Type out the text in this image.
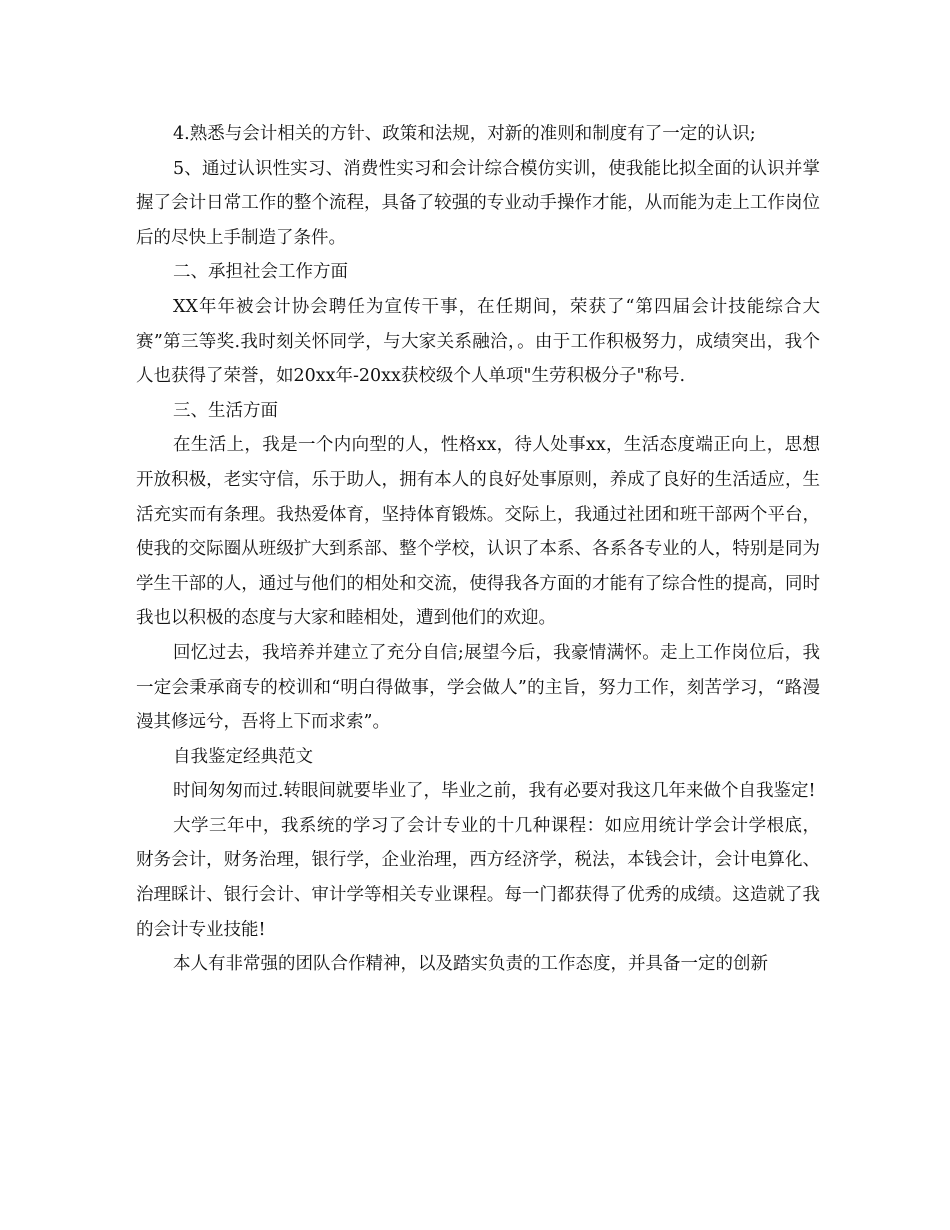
4.熟悉与会计相关的方针、政策和法规，对新的准则和制度有了一定的认识;

5、通过认识性实习、消费性实习和会计综合模仿实训，使我能比拟全面的认识并掌握了会计日常工作的整个流程，具备了较强的专业动手操作才能，从而能为走上工作岗位后的尽快上手制造了条件。

二、承担社会工作方面

XX年年被会计协会聘任为宣传干事，在任期间，荣获了“第四届会计技能综合大赛”第三等奖.我时刻关怀同学，与大家关系融洽，。由于工作积极努力，成绩突出，我个人也获得了荣誉，如20xx年-20xx获校级个人单项"生劳积极分子"称号.

三、生活方面

在生活上，我是一个内向型的人，性格xx，待人处事xx，生活态度端正向上，思想开放积极，老实守信，乐于助人，拥有本人的良好处事原则，养成了良好的生活适应，生活充实而有条理。我热爱体育，坚持体育锻炼。交际上，我通过社团和班干部两个平台，使我的交际圈从班级扩大到系部、整个学校，认识了本系、各系各专业的人，特别是同为学生干部的人，通过与他们的相处和交流，使得我各方面的才能有了综合性的提高，同时我也以积极的态度与大家和睦相处，遭到他们的欢迎。

回忆过去，我培养并建立了充分自信;展望今后，我豪情满怀。走上工作岗位后，我一定会秉承商专的校训和“明白得做事，学会做人”的主旨，努力工作，刻苦学习，“路漫漫其修远兮，吾将上下而求索”。

自我鉴定经典范文

时间匆匆而过.转眼间就要毕业了，毕业之前，我有必要对我这几年来做个自我鉴定!

大学三年中，我系统的学习了会计专业的十几种课程：如应用统计学会计学根底，财务会计，财务治理，银行学，企业治理，西方经济学，税法，本钱会计，会计电算化、治理睬计、银行会计、审计学等相关专业课程。每一门都获得了优秀的成绩。这造就了我的会计专业技能!

本人有非常强的团队合作精神，以及踏实负责的工作态度，并具备一定的创新
